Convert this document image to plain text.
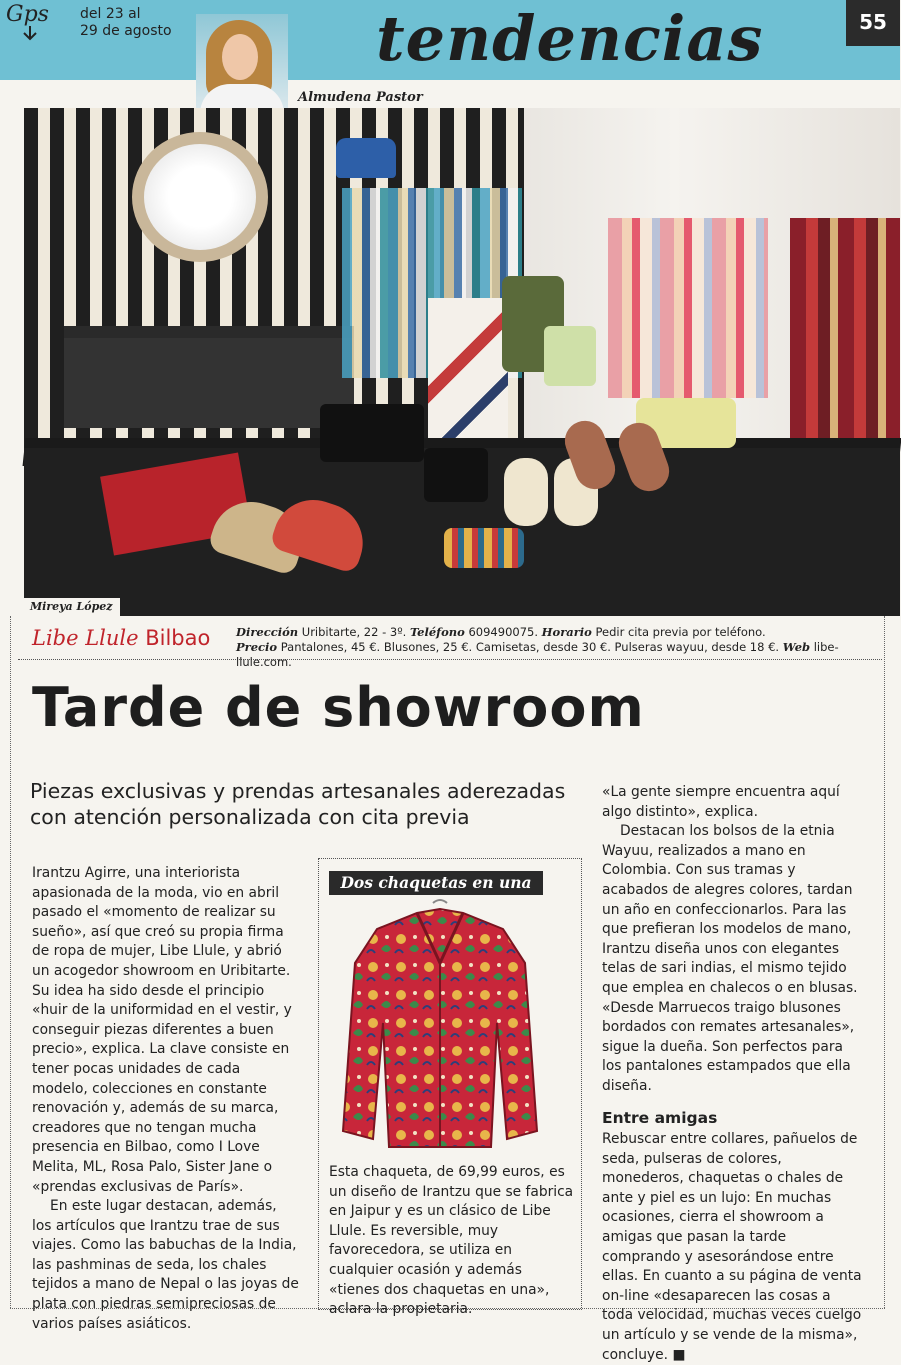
Gps del 23 al
29 de agosto	tendencias	55
Almudena Pastor
Mireya López
Libe Llule Bilbao Dirección Uribitarte, 22 - 3º. Teléfono 609490075. Horario Pedir cita previa por teléfono.
Precio Pantalones, 45 €. Blusones, 25 €. Camisetas, desde 30 €. Pulseras wayuu, desde 18 €. Web libe-llule.com.
Tarde de showroom
Piezas exclusivas y prendas artesanales aderezadas con atención personalizada con cita previa

Irantzu Agirre, una interiorista apasionada de la moda, vio en abril pasado el «momento de realizar su sueño», así que creó su propia firma de ropa de mujer, Libe Llule, y abrió un acogedor showroom en Uribitarte. Su idea ha sido desde el principio «huir de la uniformidad en el vestir, y conseguir piezas diferentes a buen precio», explica. La clave consiste en tener pocas unidades de cada modelo, colecciones en constante renovación y, además de su marca, creadores que no tengan mucha presencia en Bilbao, como I Love Melita, ML, Rosa Palo, Sister Jane o «prendas exclusivas de París».

En este lugar destacan, además, los artículos que Irantzu trae de sus viajes. Como las babuchas de la India, las pashminas de seda, los chales tejidos a mano de Nepal o las joyas de plata con piedras semipreciosas de varios países asiáticos.

Dos chaquetas en una
Esta chaqueta, de 69,99 euros, es un diseño de Irantzu que se fabrica en Jaipur y es un clásico de Libe Llule. Es reversible, muy favorecedora, se utiliza en cualquier ocasión y además «tienes dos chaquetas en una», aclara la propietaria.

«La gente siempre encuentra aquí algo distinto», explica.

Destacan los bolsos de la etnia Wayuu, realizados a mano en Colombia. Con sus tramas y acabados de alegres colores, tardan un año en confeccionarlos. Para las que prefieran los modelos de mano, Irantzu diseña unos con elegantes telas de sari indias, el mismo tejido que emplea en chalecos o en blusas. «Desde Marruecos traigo blusones bordados con remates artesanales», sigue la dueña. Son perfectos para los pantalones estampados que ella diseña.

Entre amigas

Rebuscar entre collares, pañuelos de seda, pulseras de colores, monederos, chaquetas o chales de ante y piel es un lujo: En muchas ocasiones, cierra el showroom a amigas que pasan la tarde comprando y asesorándose entre ellas. En cuanto a su página de venta on-line «desaparecen las cosas a toda velocidad, muchas veces cuelgo un artículo y se vende de la misma», concluye. ■
